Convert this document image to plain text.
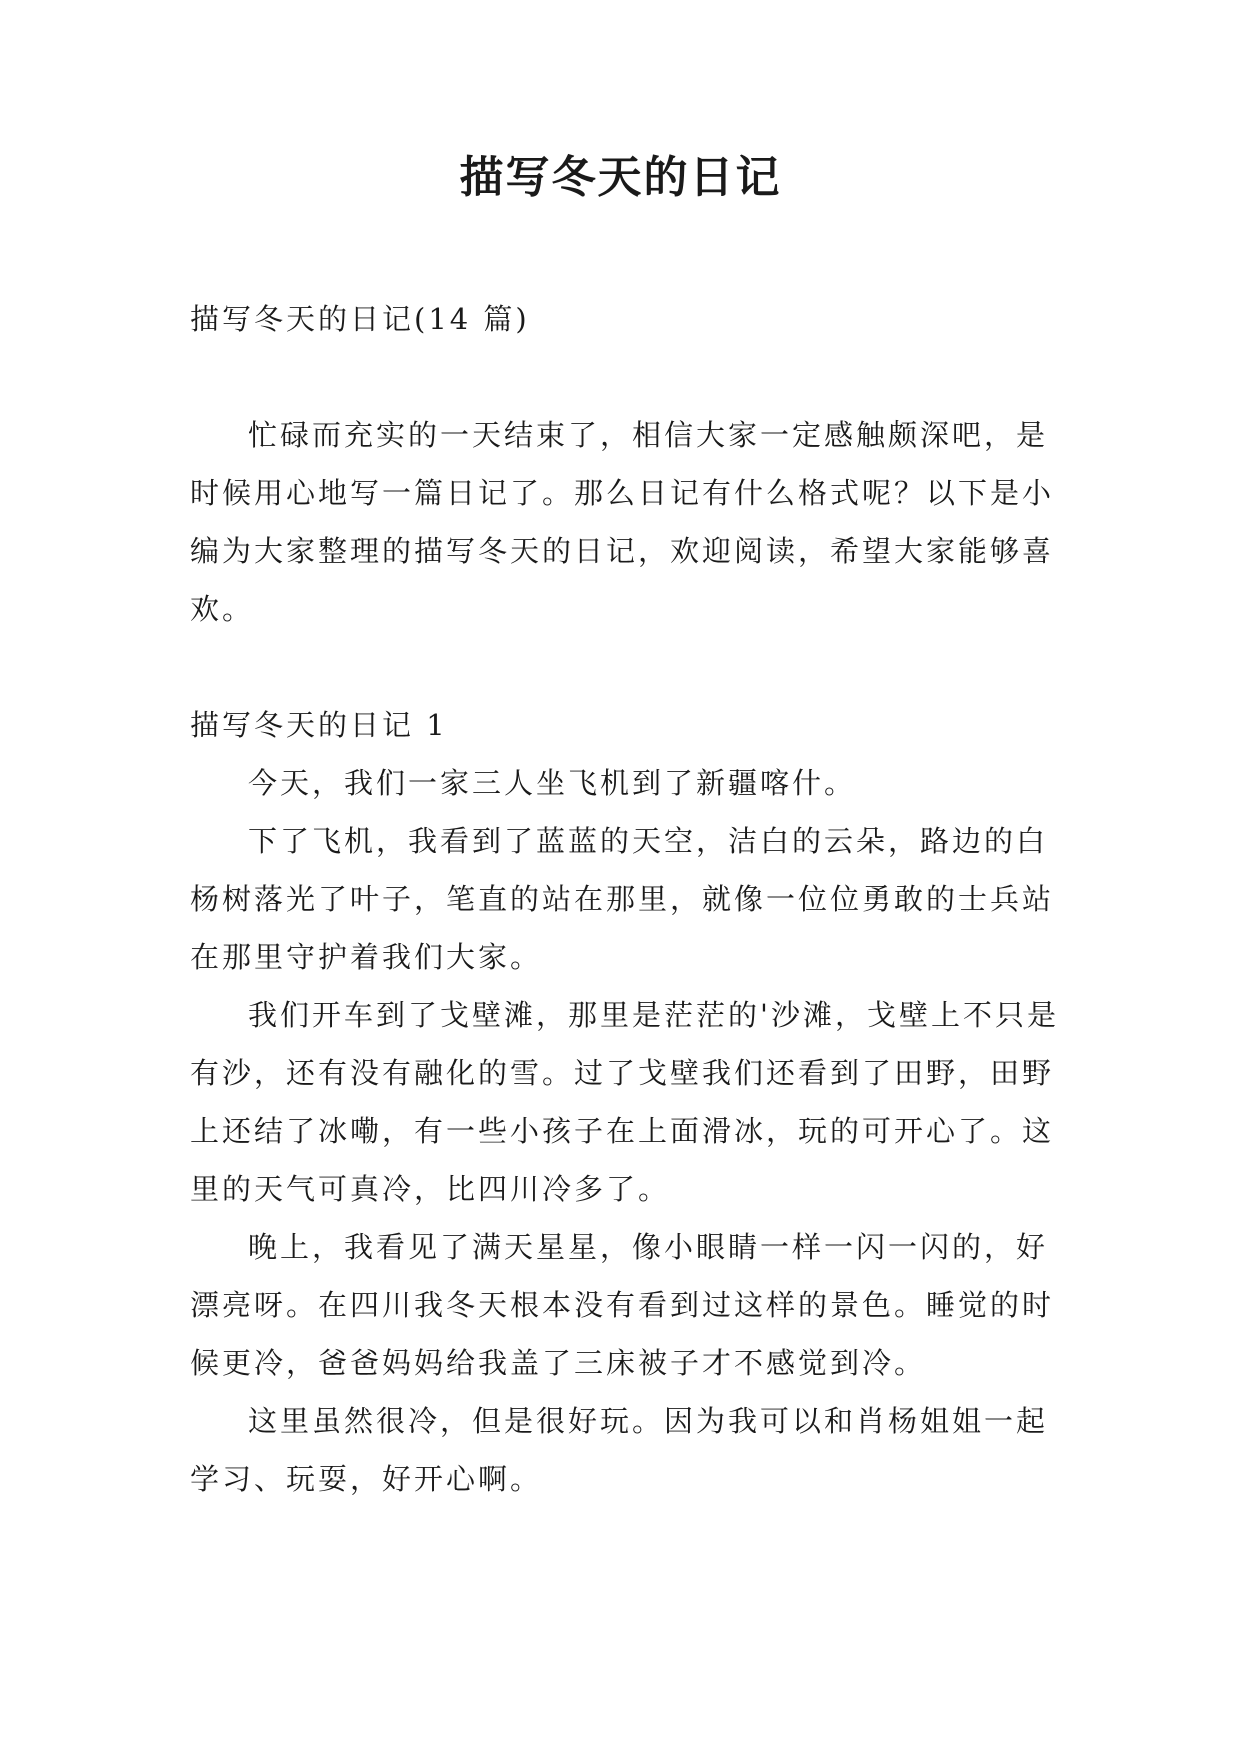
描写冬天的日记

描写冬天的日记(14 篇)

忙碌而充实的一天结束了，相信大家一定感触颇深吧，是时候用心地写一篇日记了。那么日记有什么格式呢？以下是小编为大家整理的描写冬天的日记，欢迎阅读，希望大家能够喜欢。

描写冬天的日记 1

今天，我们一家三人坐飞机到了新疆喀什。

下了飞机，我看到了蓝蓝的天空，洁白的云朵，路边的白杨树落光了叶子，笔直的站在那里，就像一位位勇敢的士兵站在那里守护着我们大家。

我们开车到了戈壁滩，那里是茫茫的'沙滩，戈壁上不只是有沙，还有没有融化的雪。过了戈壁我们还看到了田野，田野上还结了冰嘞，有一些小孩子在上面滑冰，玩的可开心了。这里的天气可真冷，比四川冷多了。

晚上，我看见了满天星星，像小眼睛一样一闪一闪的，好漂亮呀。在四川我冬天根本没有看到过这样的景色。睡觉的时候更冷，爸爸妈妈给我盖了三床被子才不感觉到冷。

这里虽然很冷，但是很好玩。因为我可以和肖杨姐姐一起学习、玩耍，好开心啊。
